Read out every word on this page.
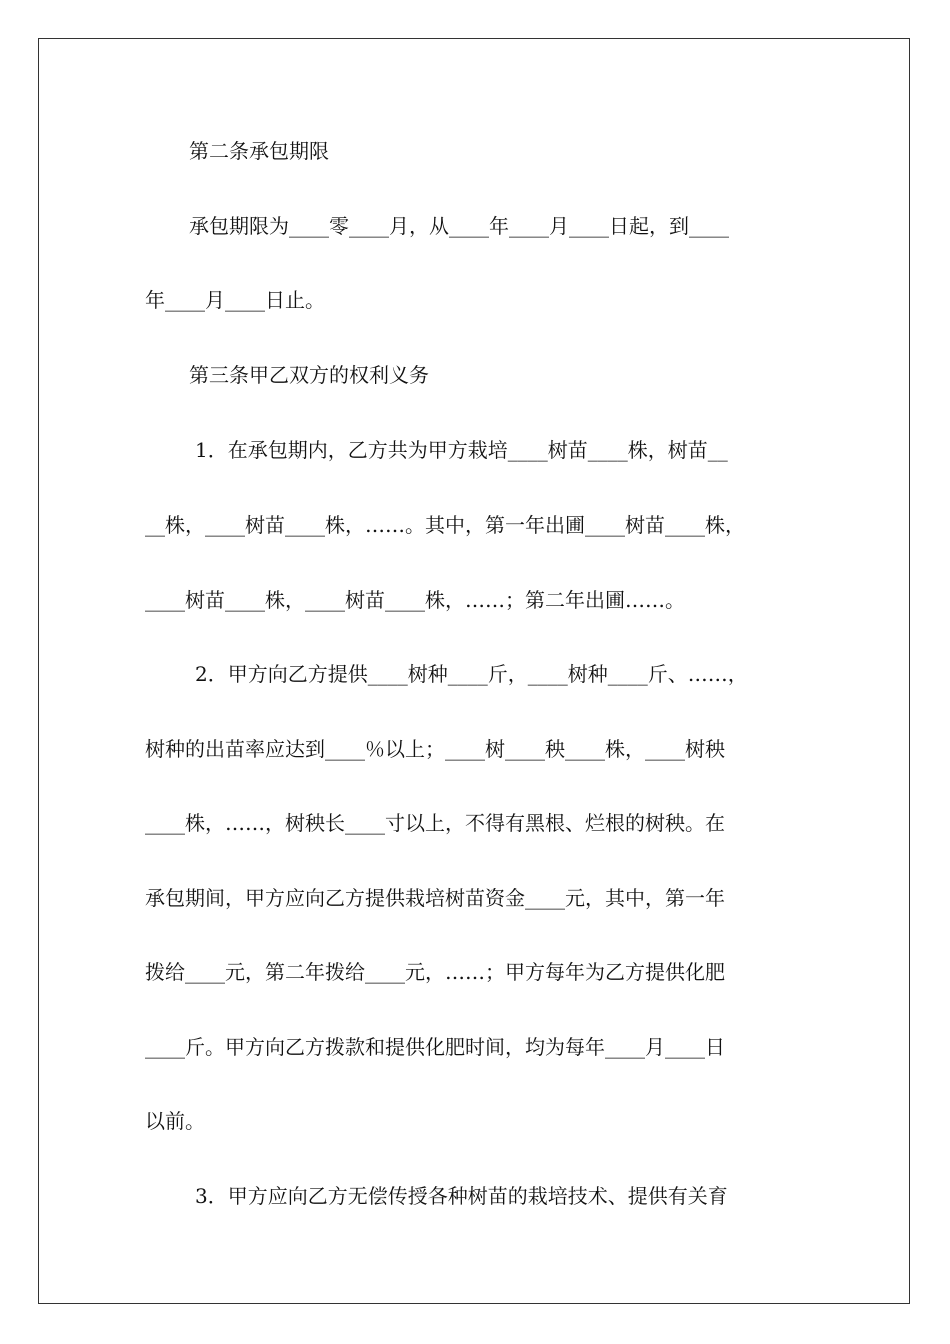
第二条承包期限
承包期限为____零____月，从____年____月____日起，到____
年____月____日止。
第三条甲乙双方的权利义务
1．在承包期内，乙方共为甲方栽培____树苗____株，树苗__
__株，____树苗____株，……。其中，第一年出圃____树苗____株，
____树苗____株，____树苗____株，……；第二年出圃……。
2．甲方向乙方提供____树种____斤，____树种____斤、……，
树种的出苗率应达到____％以上；____树____秧____株，____树秧
____株，……，树秧长____寸以上，不得有黑根、烂根的树秧。在
承包期间，甲方应向乙方提供栽培树苗资金____元，其中，第一年
拨给____元，第二年拨给____元，……；甲方每年为乙方提供化肥
____斤。甲方向乙方拨款和提供化肥时间，均为每年____月____日
以前。
3．甲方应向乙方无偿传授各种树苗的栽培技术、提供有关育
